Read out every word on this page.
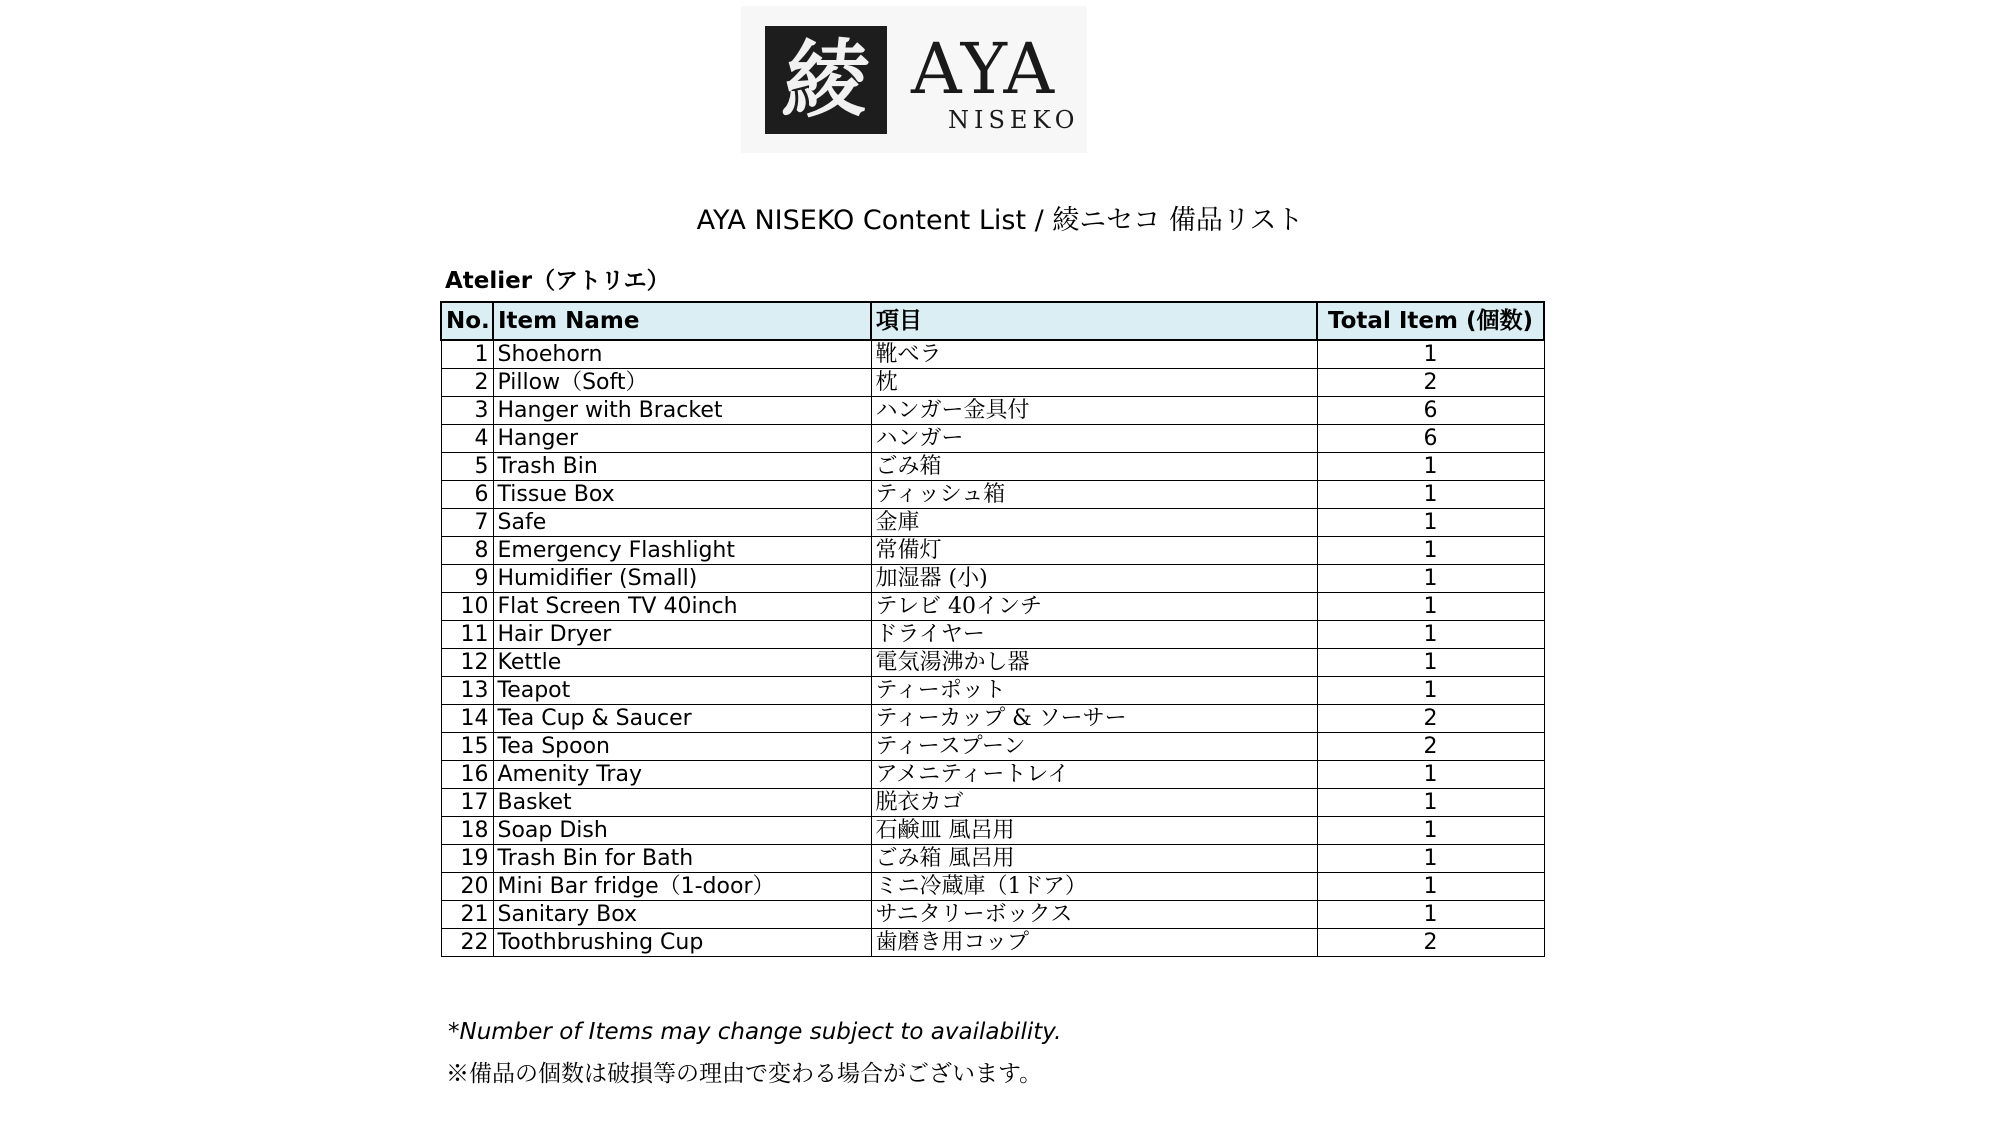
綾 AYA
NISEKO
AYA NISEKO Content List / 綾ニセコ 備品リスト
Atelier（アトリエ）
No.	Item Name	項目	Total Item (個数)
1	Shoehorn	靴べラ	1
2	Pillow（Soft）	枕	2
3	Hanger with Bracket	ハンガー金具付	6
4	Hanger	ハンガー	6
5	Trash Bin	ごみ箱	1
6	Tissue Box	ティッシュ箱	1
7	Safe	金庫	1
8	Emergency Flashlight	常備灯	1
9	Humidifier (Small)	加湿器 (小)	1
10	Flat Screen TV 40inch	テレビ 40インチ	1
11	Hair Dryer	ドライヤー	1
12	Kettle	電気湯沸かし器	1
13	Teapot	ティーポット	1
14	Tea Cup & Saucer	ティーカップ & ソーサー	2
15	Tea Spoon	ティースプーン	2
16	Amenity Tray	アメニティートレイ	1
17	Basket	脱衣カゴ	1
18	Soap Dish	石鹸皿 風呂用	1
19	Trash Bin for Bath	ごみ箱 風呂用	1
20	Mini Bar fridge（1-door）	ミニ冷蔵庫（1ドア）	1
21	Sanitary Box	サニタリーボックス	1
22	Toothbrushing Cup	歯磨き用コップ	2
*Number of Items may change subject to availability.
※備品の個数は破損等の理由で変わる場合がございます。
